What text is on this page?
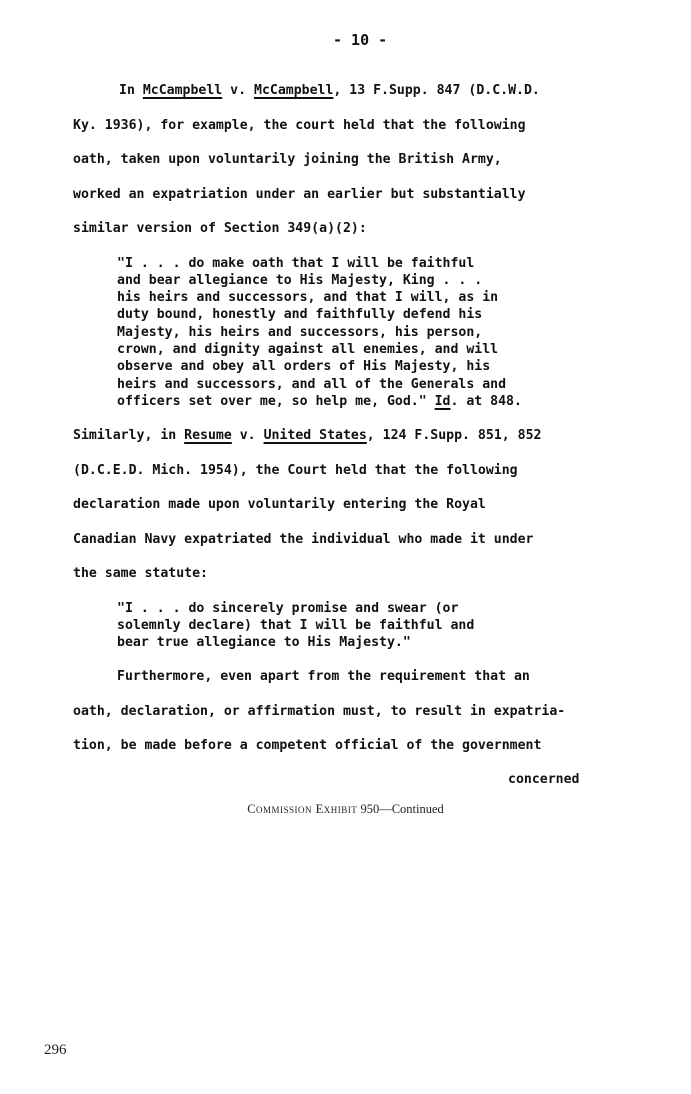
- 10 -
In McCampbell v. McCampbell, 13 F.Supp. 847 (D.C.W.D.
Ky. 1936), for example, the court held that the following
oath, taken upon voluntarily joining the British Army,
worked an expatriation under an earlier but substantially
similar version of Section 349(a)(2):
"I . . . do make oath that I will be faithful
and bear allegiance to His Majesty, King . . .
his heirs and successors, and that I will, as in
duty bound, honestly and faithfully defend his
Majesty, his heirs and successors, his person,
crown, and dignity against all enemies, and will
observe and obey all orders of His Majesty, his
heirs and successors, and all of the Generals and
officers set over me, so help me, God." Id. at 848.
Similarly, in Resume v. United States, 124 F.Supp. 851, 852
(D.C.E.D. Mich. 1954), the Court held that the following
declaration made upon voluntarily entering the Royal
Canadian Navy expatriated the individual who made it under
the same statute:
"I . . . do sincerely promise and swear (or
solemnly declare) that I will be faithful and
bear true allegiance to His Majesty."
Furthermore, even apart from the requirement that an
oath, declaration, or affirmation must, to result in expatria-
tion, be made before a competent official of the government
concerned
Commission Exhibit 950—Continued
296
